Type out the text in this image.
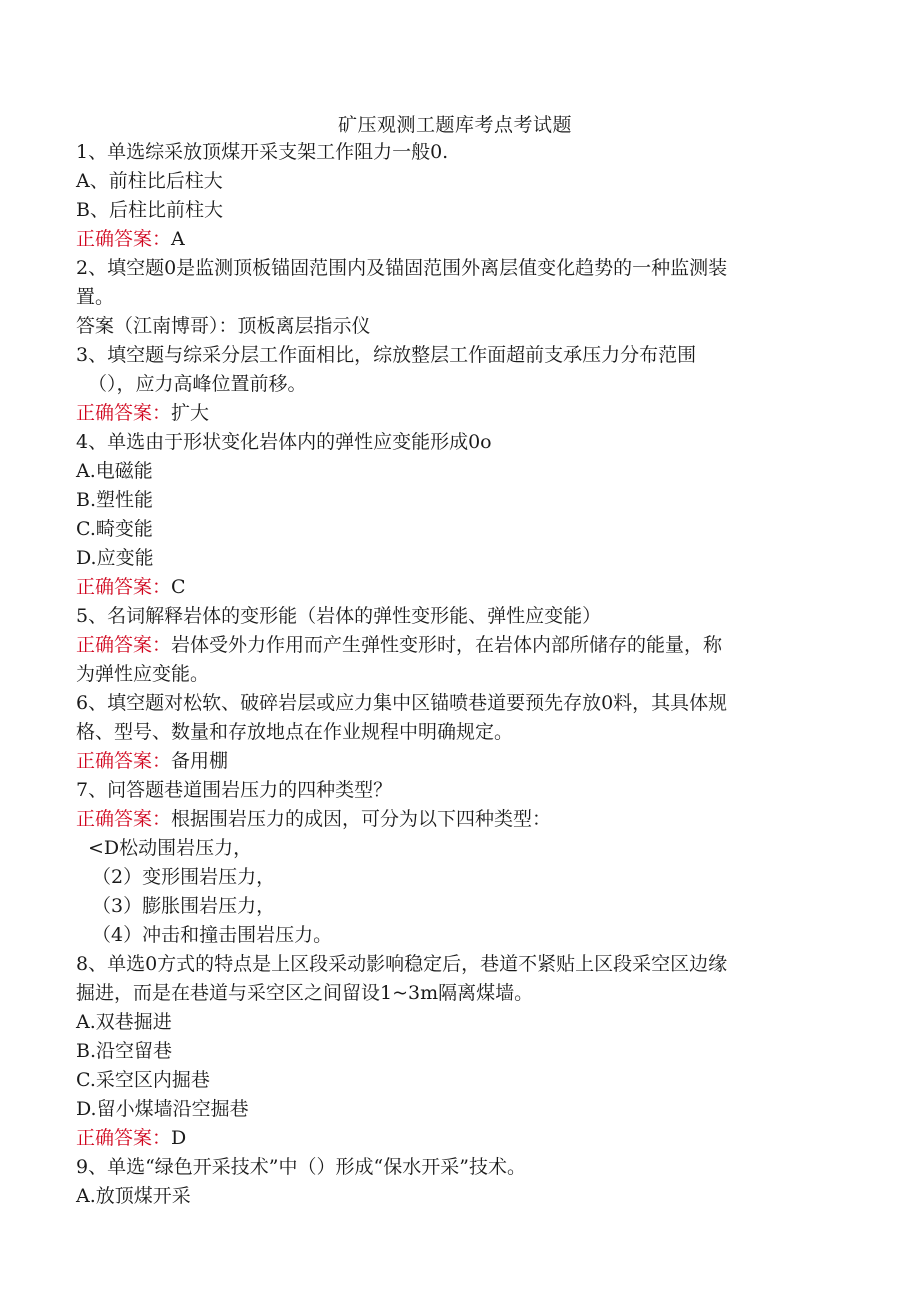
矿压观测工题库考点考试题
1、单选综采放顶煤开采支架工作阻力一般0.
A、前柱比后柱大
B、后柱比前柱大
正确答案：A
2、填空题0是监测顶板锚固范围内及锚固范围外离层值变化趋势的一种监测装
置。
答案（江南博哥）：顶板离层指示仪
3、填空题与综采分层工作面相比，综放整层工作面超前支承压力分布范围
（），应力高峰位置前移。
正确答案：扩大
4、单选由于形状变化岩体内的弹性应变能形成0o
A.电磁能
B.塑性能
C.畸变能
D.应变能
正确答案：C
5、名词解释岩体的变形能（岩体的弹性变形能、弹性应变能）
正确答案：岩体受外力作用而产生弹性变形时，在岩体内部所储存的能量，称
为弹性应变能。
6、填空题对松软、破碎岩层或应力集中区锚喷巷道要预先存放0料，其具体规
格、型号、数量和存放地点在作业规程中明确规定。
正确答案：备用棚
7、问答题巷道围岩压力的四种类型？
正确答案：根据围岩压力的成因，可分为以下四种类型：
<D松动围岩压力，
（2）变形围岩压力，
（3）膨胀围岩压力，
（4）冲击和撞击围岩压力。
8、单选0方式的特点是上区段采动影响稳定后，巷道不紧贴上区段采空区边缘
掘进，而是在巷道与采空区之间留设1~3m隔离煤墙。
A.双巷掘进
B.沿空留巷
C.采空区内掘巷
D.留小煤墙沿空掘巷
正确答案：D
9、单选“绿色开采技术”中（）形成“保水开采”技术。
A.放顶煤开采
